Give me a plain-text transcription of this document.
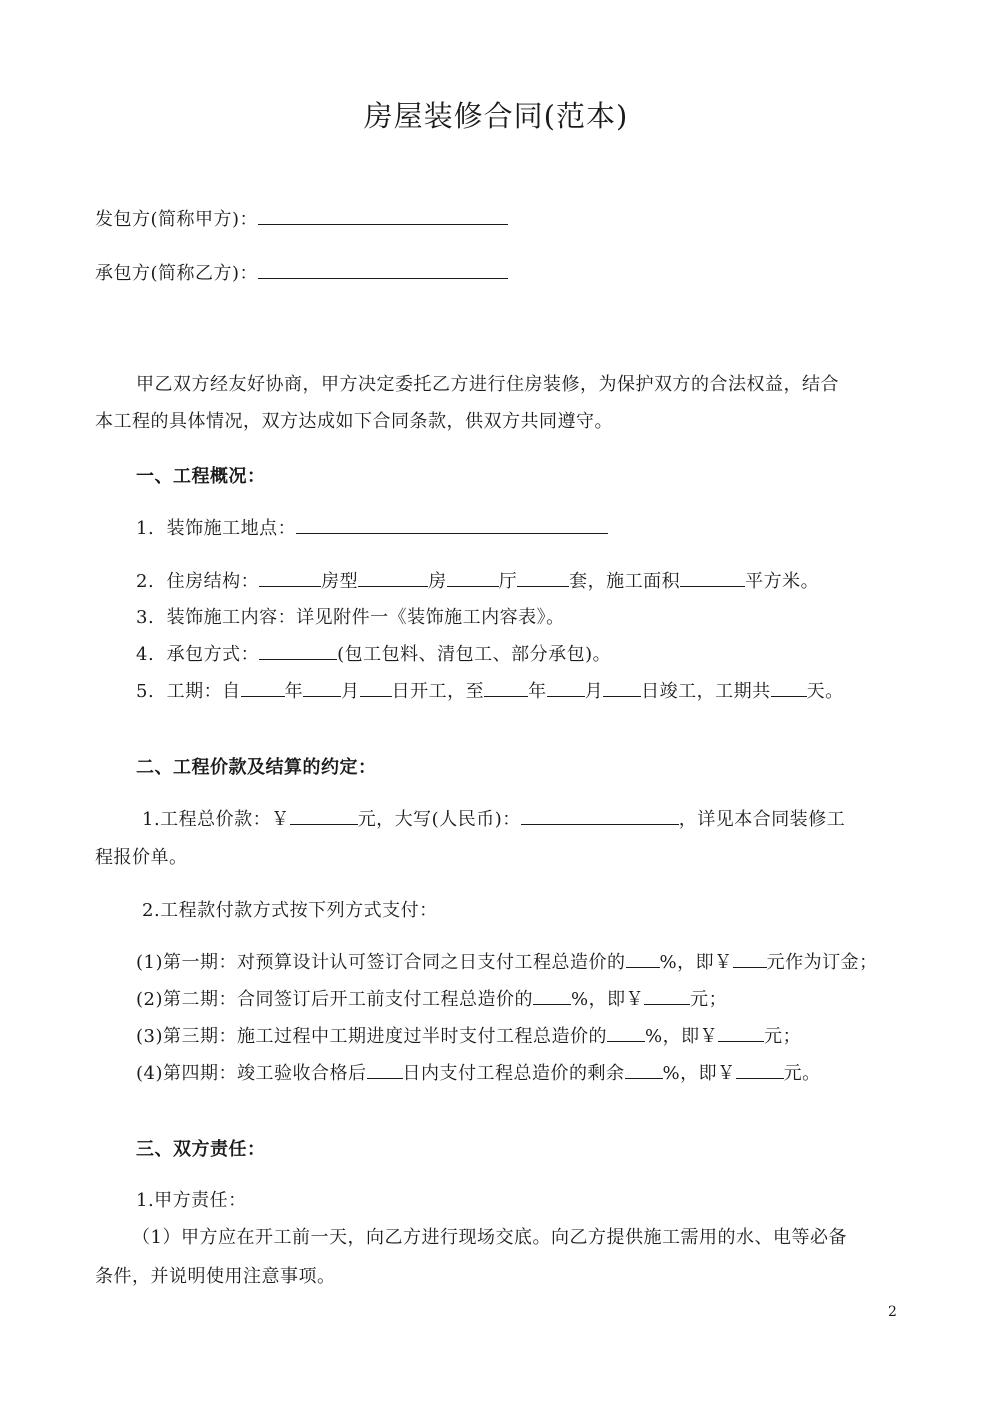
房屋装修合同(范本)
发包方(简称甲方)：
承包方(简称乙方)：
甲乙双方经友好协商，甲方决定委托乙方进行住房装修，为保护双方的合法权益，结合
本工程的具体情况，双方达成如下合同条款，供双方共同遵守。
一、工程概况：
1. 装饰施工地点：
2. 住房结构：	房型	房	厅	套，施工面积	平方米。
3. 装饰施工内容：详见附件一《装饰施工内容表》。
4. 承包方式：	(包工包料、清包工、部分承包)。
5. 工期：自 年 月 日开工，至 年 月 日竣工，工期共 天。
二、工程价款及结算的约定：
1.工程总价款：￥	元，大写(人民币)：	，详见本合同装修工
程报价单。
2.工程款付款方式按下列方式支付：
(1)第一期：对预算设计认可签订合同之日支付工程总造价的 %，即￥ 元作为订金；
(2)第二期：合同签订后开工前支付工程总造价的 %，即￥	元；
(3)第三期：施工过程中工期进度过半时支付工程总造价的 %，即￥	元；
(4)第四期：竣工验收合格后 日内支付工程总造价的剩余 %，即￥	元。
三、双方责任：
1.甲方责任：
（1）甲方应在开工前一天，向乙方进行现场交底。向乙方提供施工需用的水、电等必备
条件，并说明使用注意事项。
2
